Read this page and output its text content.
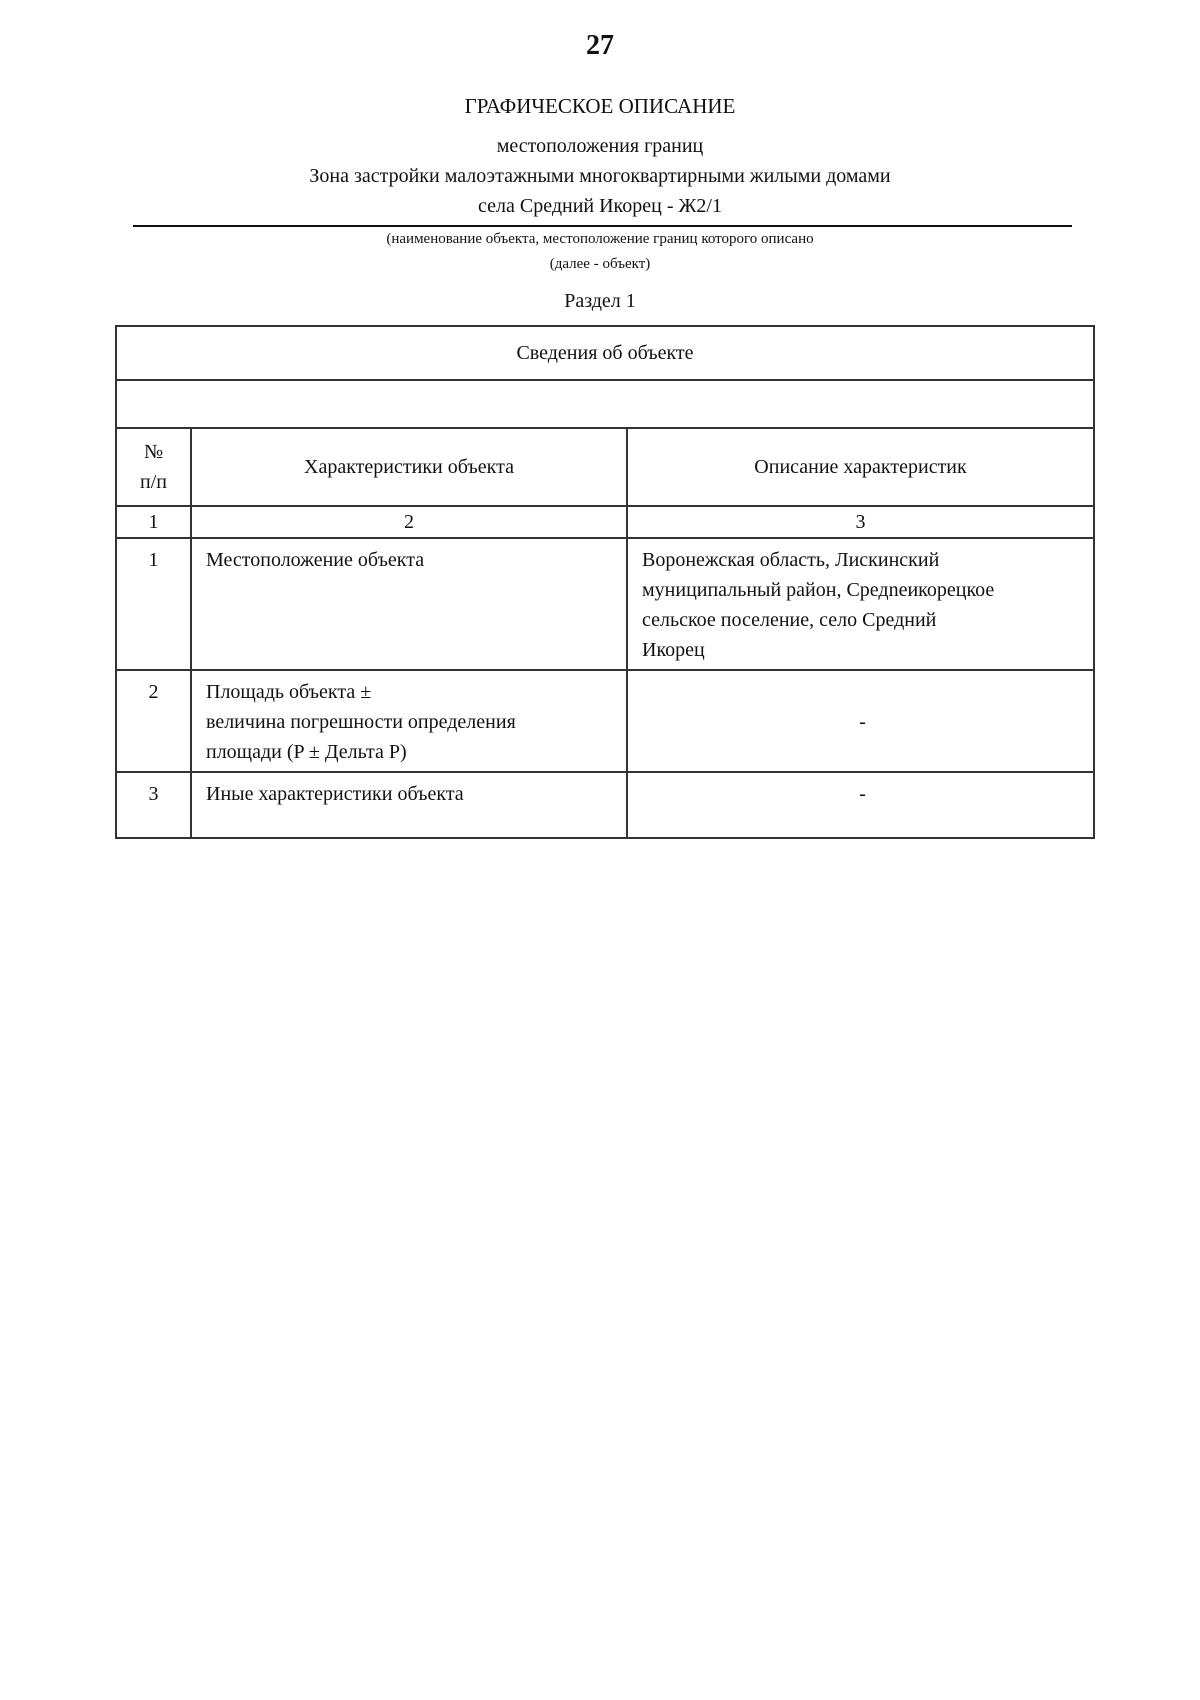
27
ГРАФИЧЕСКОЕ ОПИСАНИЕ
местоположения границ
Зона застройки малоэтажными многоквартирными жилыми домами
села Средний Икорец - Ж2/1
(наименование объекта, местоположение границ которого описано
(далее - объект)
Раздел 1
Сведения об объекте		

№
п/п	Характеристики объекта	Описание характеристик
1	2	3
1	Местоположение объекта	Воронежская область, Лискинский
муниципальный район, Средneикорецкое
сельское поселение, село Средний
Икорец

2	Площадь объекта ±
величина погрешности определения
площади (P ± Дельта P)	-
3	Иные характеристики объекта	-
